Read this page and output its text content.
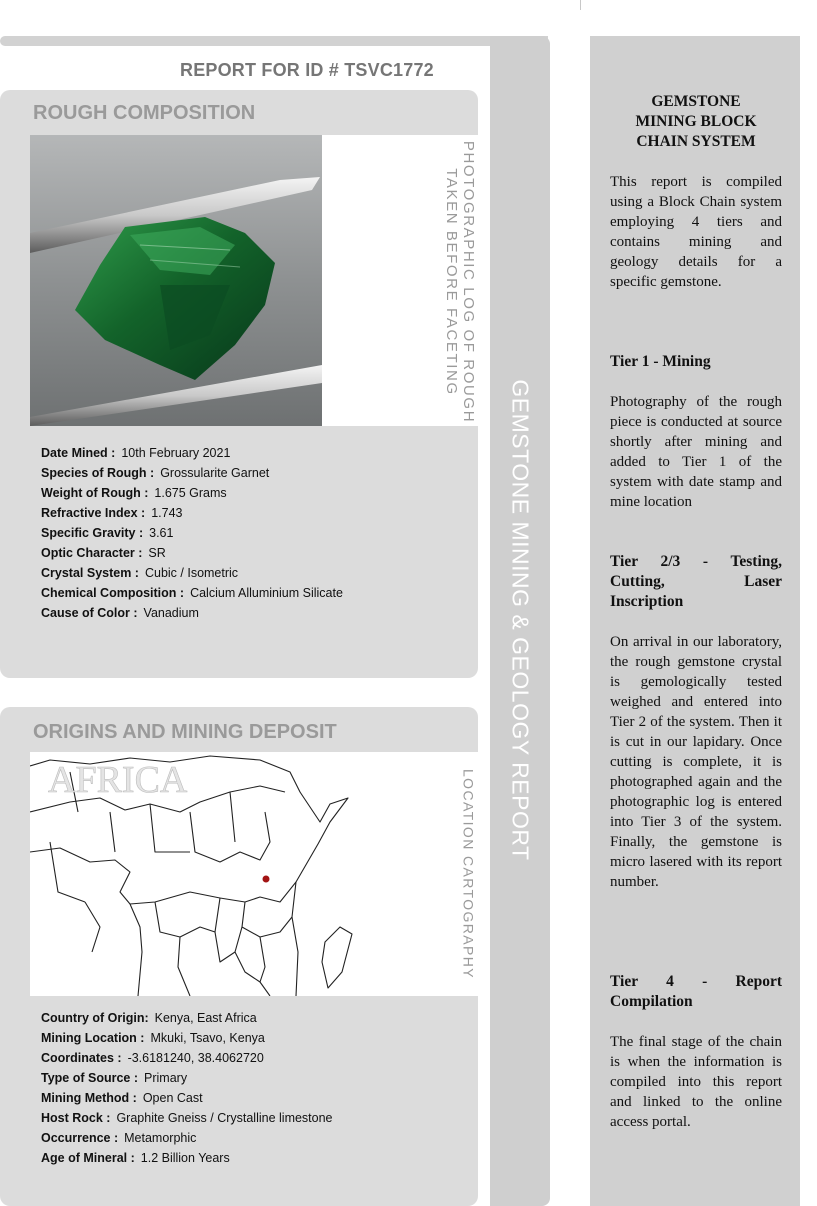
REPORT FOR ID # TSVC1772
GEMSTONE MINING & GEOLOGY REPORT
ROUGH COMPOSITION
PHOTOGRAPHIC LOG OF ROUGH
TAKEN BEFORE FACETING
Date Mined : 10th February 2021
Species of Rough : Grossularite Garnet
Weight of Rough : 1.675 Grams
Refractive Index : 1.743
Specific Gravity : 3.61
Optic Character : SR
Crystal System : Cubic / Isometric
Chemical Composition : Calcium Alluminium Silicate
Cause of Color : Vanadium
ORIGINS AND MINING DEPOSIT
AFRICA	LOCATION CARTOGRAPHY
Country of Origin: Kenya, East Africa
Mining Location : Mkuki, Tsavo, Kenya
Coordinates : -3.6181240, 38.4062720
Type of Source : Primary
Mining Method : Open Cast
Host Rock : Graphite Gneiss / Crystalline limestone
Occurrence : Metamorphic
Age of Mineral : 1.2 Billion Years
GEMSTONE MINING BLOCK CHAIN SYSTEM
This report is compiled using a Block Chain system employing 4 tiers and contains mining and geology details for a specific gemstone.
Tier 1 - Mining
Photography of the rough piece is conducted at source shortly after mining and added to Tier 1 of the system with date stamp and mine location
Tier 2/3 - Testing, Cutting, Laser Inscription
On arrival in our laboratory, the rough gemstone crystal is gemologically tested weighed and entered into Tier 2 of the system. Then it is cut in our lapidary. Once cutting is complete, it is photographed again and the photographic log is entered into Tier 3 of the system. Finally, the gemstone is micro lasered with its report number.
Tier 4 - Report Compilation
The final stage of the chain is when the information is compiled into this report and linked to the online access portal.
